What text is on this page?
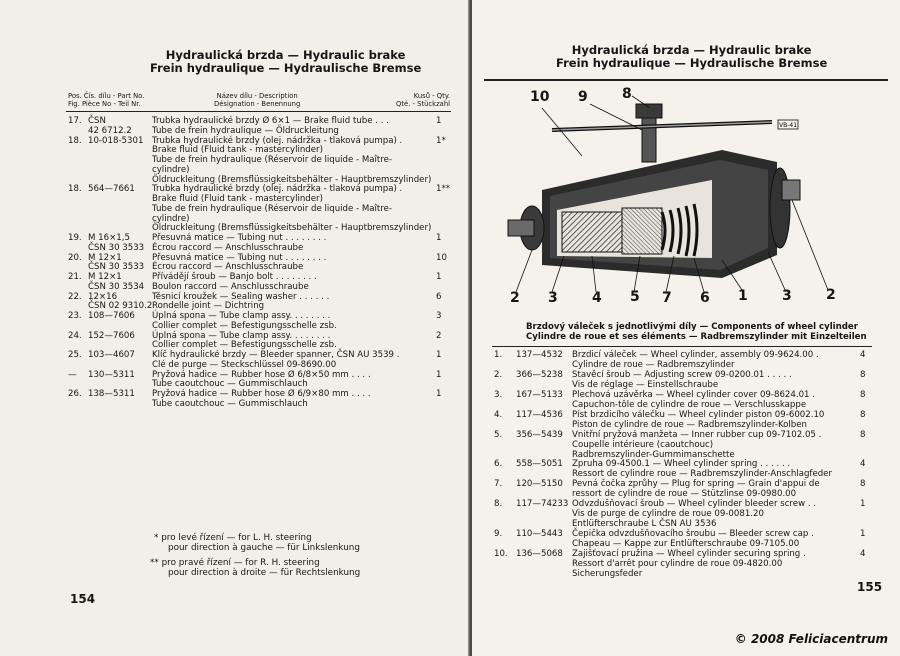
Hydraulická brzda — Hydraulic brake
Frein hydraulique — Hydraulische Bremse
Pos. Čís. dílu - Part No.
Fig. Pièce No - Teil Nr.
Název dílu - Description
Désignation - Benennung
Kusů - Qty.
Qté. - Stückzahl
17. ČSN	Trubka hydraulické brzdy Ø 6×1 — Brake fluid tube . . .	1
42 6712.2 Tube de frein hydraulique — Öldruckleitung
18. 10-018-5301 Trubka hydraulické brzdy (olej. nádržka - tlaková pumpa) .	1*
Brake fluid (Fluid tank - mastercylinder)
Tube de frein hydraulique (Réservoir de liquide - Maître-
cylindre)
Öldruckleitung (Bremsflüssigkeitsbehälter - Hauptbremszylinder)
18. 564—7661 Trubka hydraulické brzdy (olej. nádržka - tlaková pumpa) .	1**
Brake fluid (Fluid tank - mastercylinder)
Tube de frein hydraulique (Réservoir de liquide - Maître-
cylindre)
Öldruckleitung (Bremsflüssigkeitsbehälter - Hauptbremszylinder)
19. M 16×1,5	Přesuvná matice — Tubing nut . . . . . . . .	1
ČSN 30 3533 Écrou raccord — Anschlusschraube
20. M 12×1	Přesuvná matice — Tubing nut . . . . . . . .	10
ČSN 30 3533 Écrou raccord — Anschlusschraube
21. M 12×1	Přívádějí šroub — Banjo bolt . . . . . . . .	1
ČSN 30 3534 Boulon raccord — Anschlusschraube
22. 12×16	Těsnicí kroužek — Sealing washer . . . . . .	6
ČSN 02 9310.2 Rondelle joint — Dichtring
23. 108—7606 Úplná spona — Tube clamp assy. . . . . . . .	3
Collier complet — Befestigungsschelle zsb.
24. 152—7606 Úplná spona — Tube clamp assy. . . . . . . .	2
Collier complet — Befestigungsschelle zsb.
25. 103—4607 Klíč hydraulické brzdy — Bleeder spanner, ČSN AU 3539 .	1
Clé de purge — Steckschlüssel 09-8690.00
— 130—5311 Pryžová hadice — Rubber hose Ø 6/8×50 mm . . . .	1
Tube caoutchouc — Gummischlauch
26. 138—5311 Pryžová hadice — Rubber hose Ø 6/9×80 mm . . . .	1
Tube caoutchouc — Gummischlauch
* pro levé řízení — for L. H. steering
pour direction à gauche — für Linkslenkung
** pro pravé řízení — for R. H. steering
pour direction à droite — für Rechtslenkung
154
Hydraulická brzda — Hydraulic brake
Frein hydraulique — Hydraulische Bremse
VB-41
10 9 8
2 3 4 5 7 6 1 3 2
Brzdový váleček s jednotlivými díly — Components of wheel cylinder
Cylindre de roue et ses éléments — Radbremszylinder mit Einzelteilen
1. 137—4532 Brzdicí váleček — Wheel cylinder, assembly 09-9624.00 .	4
Cylindre de roue — Radbremszylinder
2. 366—5238 Stavěcí šroub — Adjusting screw 09-0200.01 . . . . .	8
Vis de réglage — Einstellschraube
3. 167—5133 Plechová uzávěrka — Wheel cylinder cover 09-8624.01 .	8
Capuchon-tôle de cylindre de roue — Verschlusskappe
4. 117—4536 Píst brzdicího válečku — Wheel cylinder piston 09-6002.10	8
Piston de cylindre de roue — Radbremszylinder-Kolben
5. 356—5439 Vnitřní pryžová manžeta — Inner rubber cup 09-7102.05 .	8
Coupelle intérieure (caoutchouc)
Radbremszylinder-Gummimanschette
6. 558—5051 Zpruha 09-4500.1 — Wheel cylinder spring . . . . . .	4
Ressort de cylindre roue — Radbremszylinder-Anschlagfeder
7. 120—5150 Pevná čočka zprůhy — Plug for spring — Grain d'appui de	8
ressort de cylindre de roue — Stützlinse 09-0980.00
8. 117—74233 Odvzdušňovací šroub — Wheel cylinder bleeder screw . .	1
Vis de purge de cylindre de roue 09-0081.20
Entlüfterschraube L ČSN AU 3536
9. 110—5443 Čepička odvzdušňovacího šroubu — Bleeder screw cap .	1
Chapeau — Kappe zur Entlüfterschraube 09-7105.00
10. 136—5068 Zajišťovací pružina — Wheel cylinder securing spring .	4
Ressort d'arrêt pour cylindre de roue 09-4820.00
Sicherungsfeder
155
© 2008 Feliciacentrum
